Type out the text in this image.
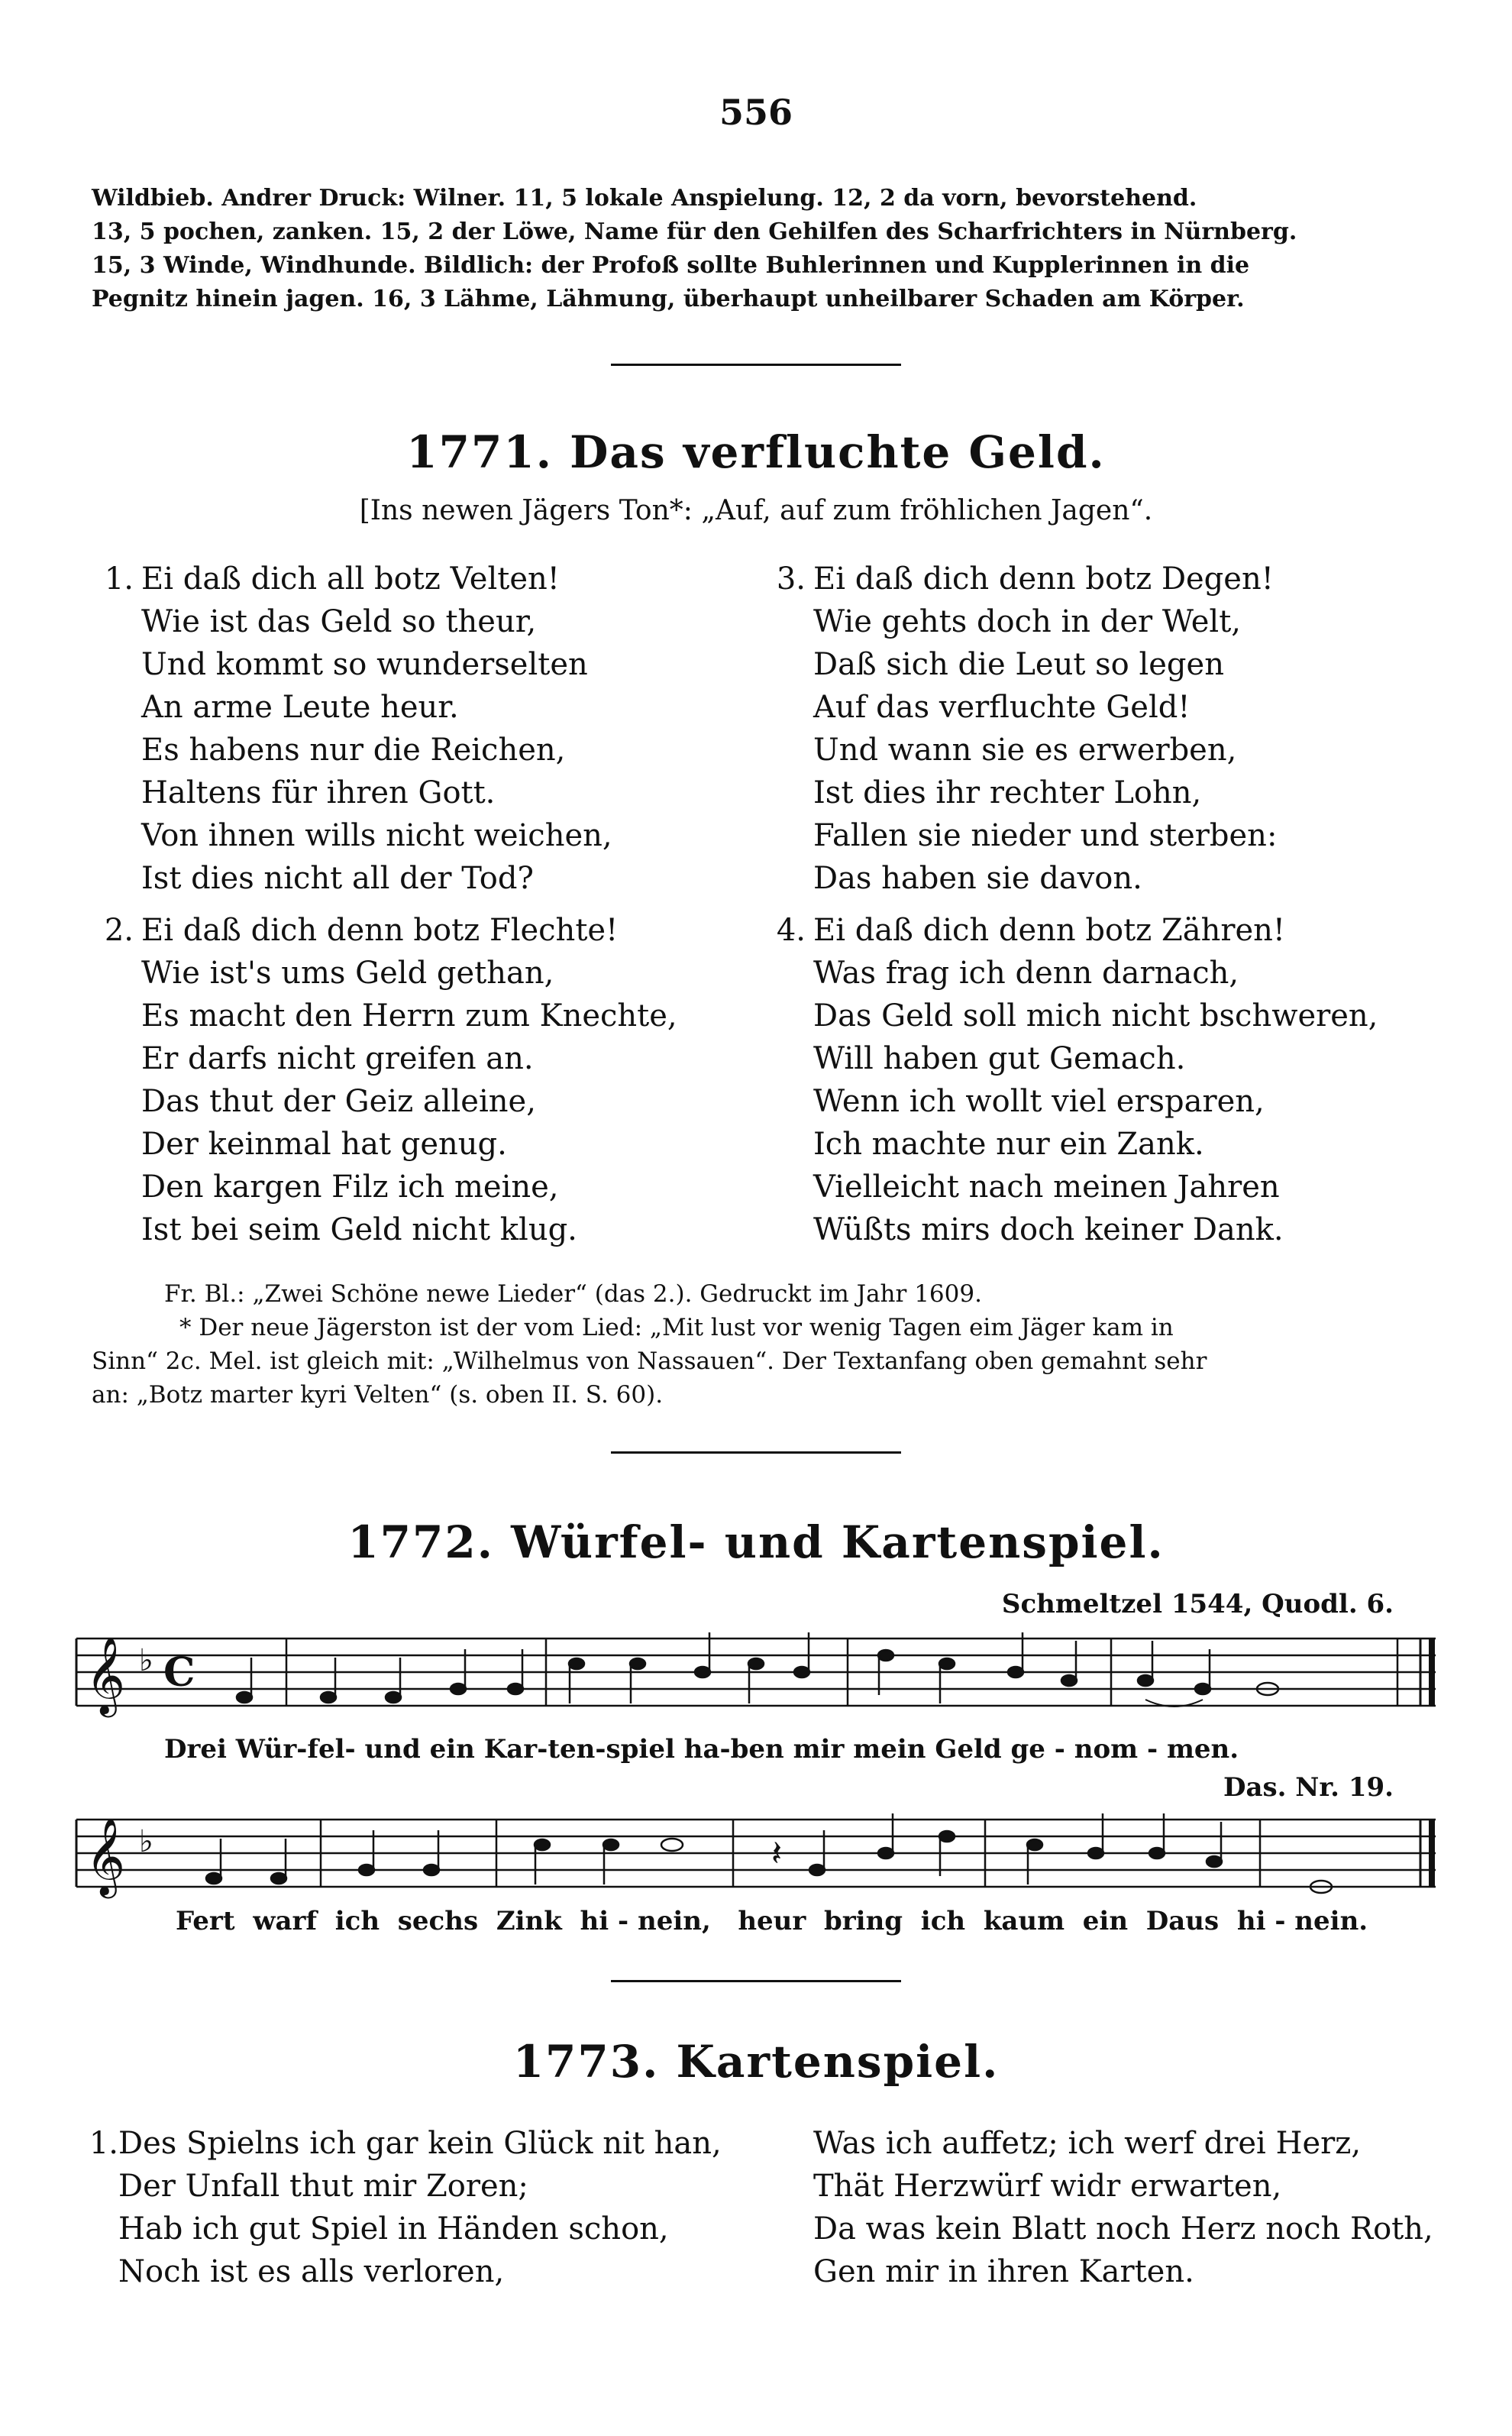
556
Wildbieb. Andrer Druck: Wilner. 11, 5 lokale Anspielung. 12, 2 da vorn, bevorstehend.
13, 5 pochen, zanken. 15, 2 der Löwe, Name für den Gehilfen des Scharfrichters in Nürnberg.
15, 3 Winde, Windhunde. Bildlich: der Profoß sollte Buhlerinnen und Kupplerinnen in die
Pegnitz hinein jagen. 16, 3 Lähme, Lähmung, überhaupt unheilbarer Schaden am Körper.
1771. Das verfluchte Geld.
[Ins newen Jägers Ton*: „Auf, auf zum fröhlichen Jagen“.
1. Ei daß dich all botz Velten!
Wie ist das Geld so theur,
Und kommt so wunderselten
An arme Leute heur.
Es habens nur die Reichen,
Haltens für ihren Gott.
Von ihnen wills nicht weichen,
Ist dies nicht all der Tod?
2. Ei daß dich denn botz Flechte!
Wie ist's ums Geld gethan,
Es macht den Herrn zum Knechte,
Er darfs nicht greifen an.
Das thut der Geiz alleine,
Der keinmal hat genug.
Den kargen Filz ich meine,
Ist bei seim Geld nicht klug.
3. Ei daß dich denn botz Degen!
Wie gehts doch in der Welt,
Daß sich die Leut so legen
Auf das verfluchte Geld!
Und wann sie es erwerben,
Ist dies ihr rechter Lohn,
Fallen sie nieder und sterben:
Das haben sie davon.
4. Ei daß dich denn botz Zähren!
Was frag ich denn darnach,
Das Geld soll mich nicht bschweren,
Will haben gut Gemach.
Wenn ich wollt viel ersparen,
Ich machte nur ein Zank.
Vielleicht nach meinen Jahren
Wüßts mirs doch keiner Dank.
Fr. Bl.: „Zwei Schöne newe Lieder“ (das 2.). Gedruckt im Jahr 1609.
* Der neue Jägerston ist der vom Lied: „Mit lust vor wenig Tagen eim Jäger kam in
Sinn“ 2c. Mel. ist gleich mit: „Wilhelmus von Nassauen“. Der Textanfang oben gemahnt sehr
an: „Botz marter kyri Velten“ (s. oben II. S. 60).
1772. Würfel- und Kartenspiel.
Schmeltzel 1544, Quodl. 6.
𝄞 ♭ C
Drei Wür-fel- und ein Kar-ten-spiel ha-ben mir mein Geld ge - nom - men.
Das. Nr. 19.
𝄞 ♭	𝄽
Fert warf ich sechs Zink hi - nein, heur bring ich kaum ein Daus hi - nein.
1773. Kartenspiel.
1. Des Spielns ich gar kein Glück nit han,
Der Unfall thut mir Zoren;
Hab ich gut Spiel in Händen schon,
Noch ist es alls verloren,
Was ich auffetz; ich werf drei Herz,
Thät Herzwürf widr erwarten,
Da was kein Blatt noch Herz noch Roth,
Gen mir in ihren Karten.
